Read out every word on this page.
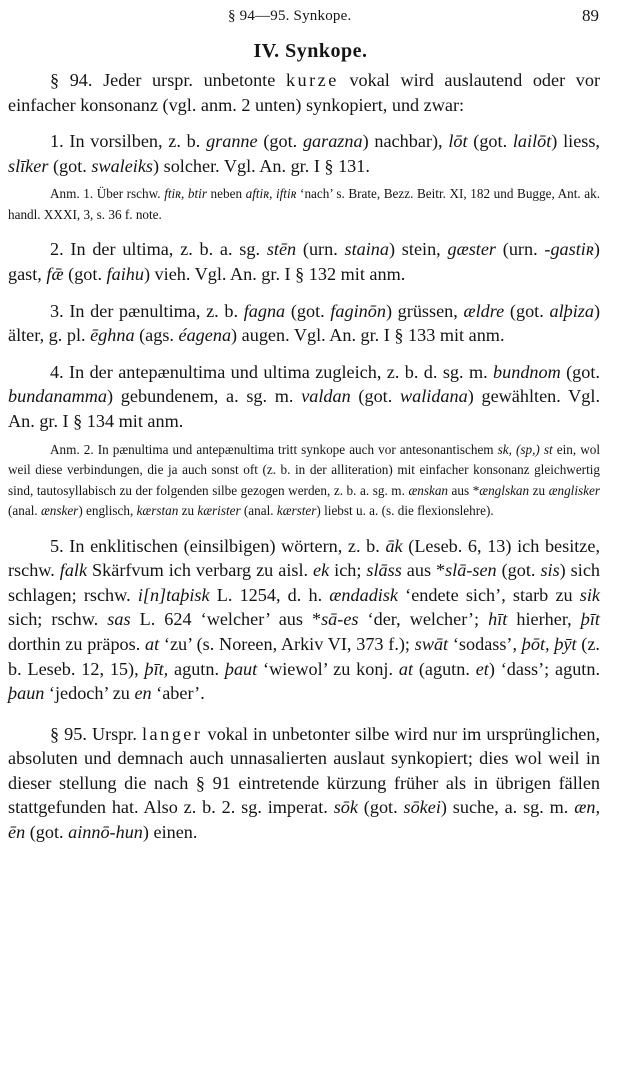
§ 94—95. Synkope.	89
IV. Synkope.

§ 94. Jeder urspr. unbetonte kurze vokal wird auslautend oder vor einfacher konsonanz (vgl. anm. 2 unten) synkopiert, und zwar:

1. In vorsilben, z. b. granne (got. garazna) nachbar), lōt (got. lailōt) liess, slīker (got. swaleiks) solcher. Vgl. An. gr. I § 131.

Anm. 1. Über rschw. ftiʀ, btir neben aftiʀ, iftiʀ ‘nach’ s. Brate, Bezz. Beitr. XI, 182 und Bugge, Ant. ak. handl. XXXI, 3, s. 36 f. note.

2. In der ultima, z. b. a. sg. stēn (urn. staina) stein, gæster (urn. -gastiʀ) gast, fǣ (got. faihu) vieh. Vgl. An. gr. I § 132 mit anm.

3. In der pænultima, z. b. fagna (got. faginōn) grüssen, ældre (got. alþiza) älter, g. pl. ēghna (ags. éagena) augen. Vgl. An. gr. I § 133 mit anm.

4. In der antepænultima und ultima zugleich, z. b. d. sg. m. bundnom (got. bundanamma) gebundenem, a. sg. m. valdan (got. walidana) gewählten. Vgl. An. gr. I § 134 mit anm.

Anm. 2. In pænultima und antepænultima tritt synkope auch vor antesonantischem sk, (sp,) st ein, wol weil diese verbindungen, die ja auch sonst oft (z. b. in der alliteration) mit einfacher konsonanz gleichwertig sind, tautosyllabisch zu der folgenden silbe gezogen werden, z. b. a. sg. m. ænskan aus *ænglskan zu ænglisker (anal. ænsker) englisch, kærstan zu kærister (anal. kærster) liebst u. a. (s. die flexionslehre).

5. In enklitischen (einsilbigen) wörtern, z. b. āk (Leseb. 6, 13) ich besitze, rschw. falk Skärfvum ich verbarg zu aisl. ek ich; slāss aus *slā-sen (got. sis) sich schlagen; rschw. i[n]taþisk L. 1254, d. h. ændadisk ‘endete sich’, starb zu sik sich; rschw. sas L. 624 ‘welcher’ aus *sā-es ‘der, welcher’; hīt hierher, þīt dorthin zu präpos. at ‘zu’ (s. Noreen, Arkiv VI, 373 f.); swāt ‘sodass’, þōt, þȳt (z. b. Leseb. 12, 15), þīt, agutn. þaut ‘wiewol’ zu konj. at (agutn. et) ‘dass’; agutn. þaun ‘jedoch’ zu en ‘aber’.

§ 95. Urspr. langer vokal in unbetonter silbe wird nur im ursprünglichen, absoluten und demnach auch unnasalierten auslaut synkopiert; dies wol weil in dieser stellung die nach § 91 eintretende kürzung früher als in übrigen fällen stattgefunden hat. Also z. b. 2. sg. imperat. sōk (got. sōkei) suche, a. sg. m. æn, ēn (got. ainnō-hun) einen.
